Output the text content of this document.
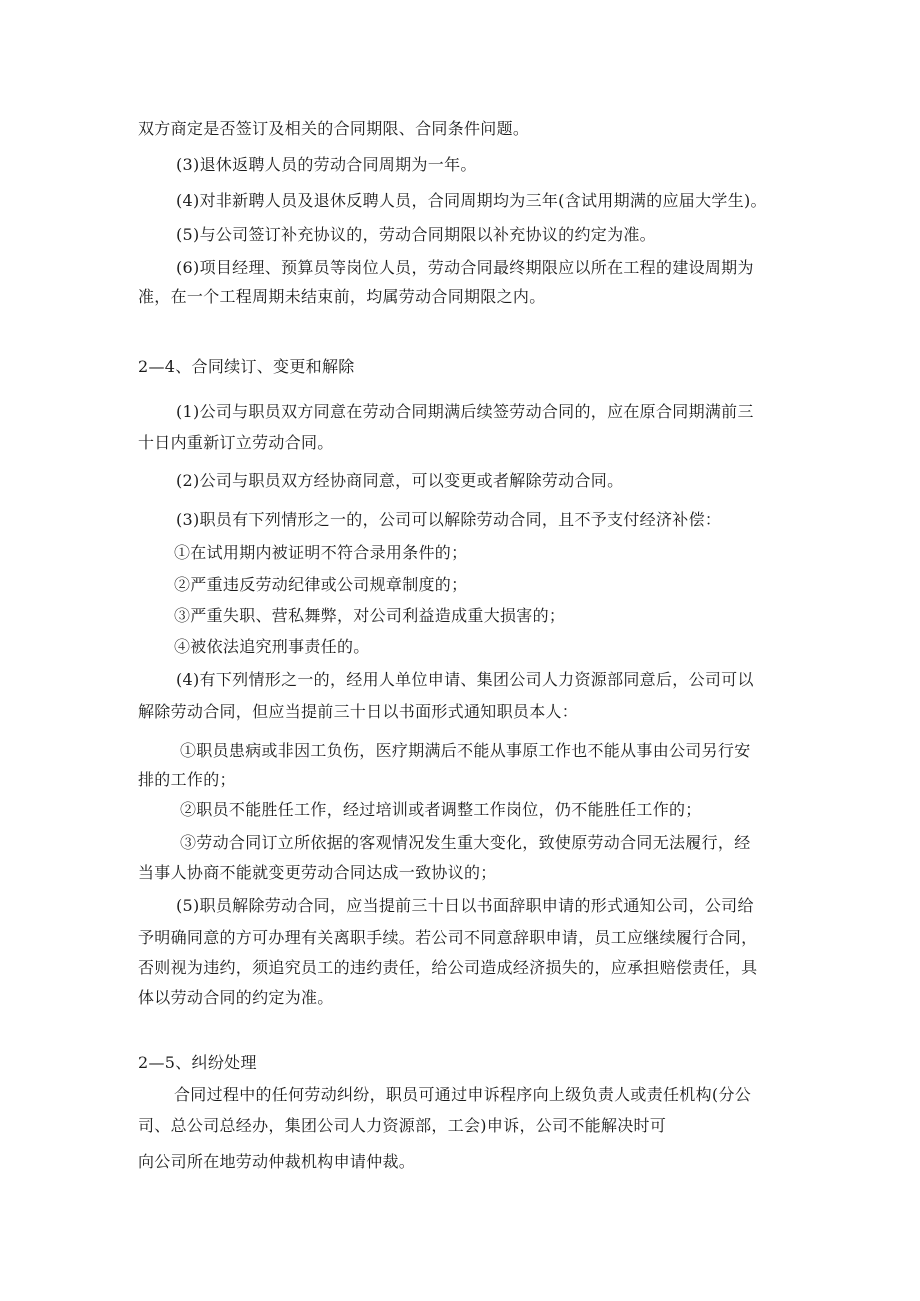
双方商定是否签订及相关的合同期限、合同条件问题。
(3)退休返聘人员的劳动合同周期为一年。
(4)对非新聘人员及退休反聘人员，合同周期均为三年(含试用期满的应届大学生)。
(5)与公司签订补充协议的，劳动合同期限以补充协议的约定为准。
(6)项目经理、预算员等岗位人员，劳动合同最终期限应以所在工程的建设周期为
准，在一个工程周期未结束前，均属劳动合同期限之内。
2—4、合同续订、变更和解除
(1)公司与职员双方同意在劳动合同期满后续签劳动合同的，应在原合同期满前三
十日内重新订立劳动合同。
(2)公司与职员双方经协商同意，可以变更或者解除劳动合同。
(3)职员有下列情形之一的，公司可以解除劳动合同，且不予支付经济补偿：
①在试用期内被证明不符合录用条件的；
②严重违反劳动纪律或公司规章制度的；
③严重失职、营私舞弊，对公司利益造成重大损害的；
④被依法追究刑事责任的。
(4)有下列情形之一的，经用人单位申请、集团公司人力资源部同意后，公司可以
解除劳动合同，但应当提前三十日以书面形式通知职员本人：
①职员患病或非因工负伤，医疗期满后不能从事原工作也不能从事由公司另行安
排的工作的；
②职员不能胜任工作，经过培训或者调整工作岗位，仍不能胜任工作的；
③劳动合同订立所依据的客观情况发生重大变化，致使原劳动合同无法履行，经
当事人协商不能就变更劳动合同达成一致协议的；
(5)职员解除劳动合同，应当提前三十日以书面辞职申请的形式通知公司，公司给
予明确同意的方可办理有关离职手续。若公司不同意辞职申请，员工应继续履行合同，
否则视为违约，须追究员工的违约责任，给公司造成经济损失的，应承担赔偿责任，具
体以劳动合同的约定为准。
2—5、纠纷处理
合同过程中的任何劳动纠纷，职员可通过申诉程序向上级负责人或责任机构(分公
司、总公司总经办，集团公司人力资源部，工会)申诉，公司不能解决时可
向公司所在地劳动仲裁机构申请仲裁。
